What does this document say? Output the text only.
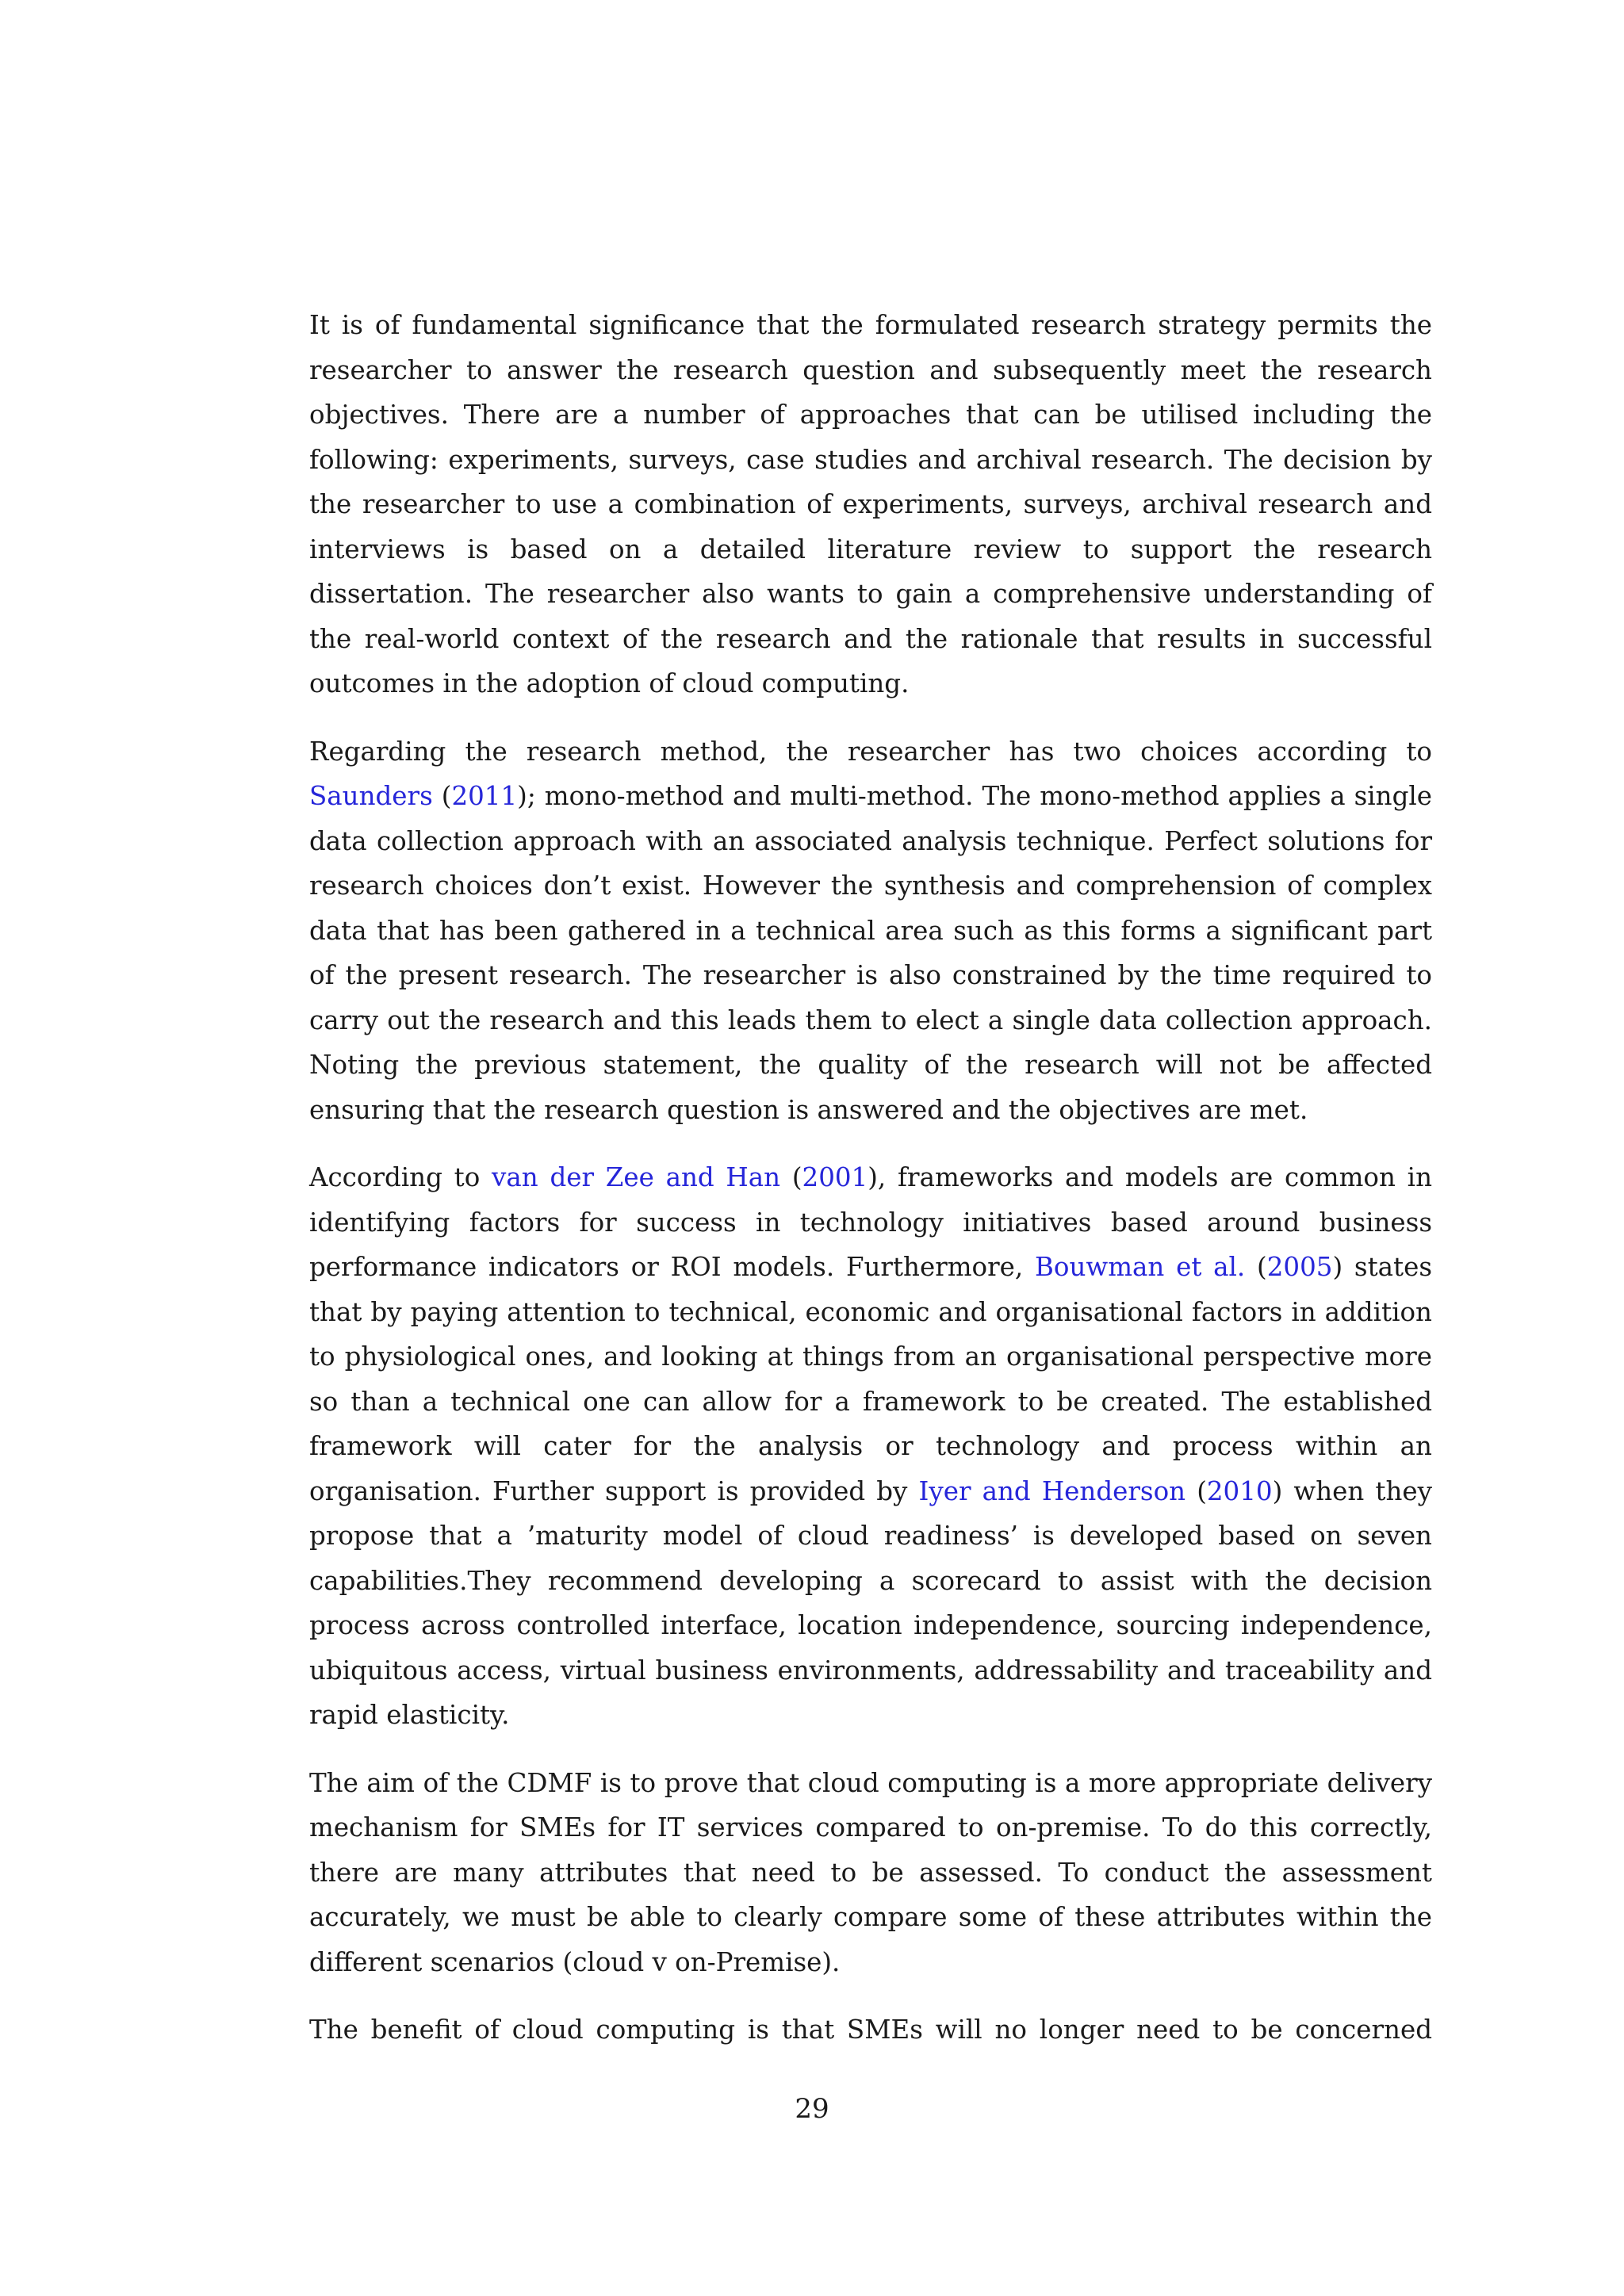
It is of fundamental significance that the formulated research strategy permits the researcher to answer the research question and subsequently meet the research objectives. There are a number of approaches that can be utilised including the following: experiments, surveys, case studies and archival research. The decision by the researcher to use a combination of experiments, surveys, archival research and interviews is based on a detailed literature review to support the research dissertation. The researcher also wants to gain a comprehensive understanding of the real-world context of the research and the rationale that results in successful outcomes in the adoption of cloud computing.

Regarding the research method, the researcher has two choices according to Saunders (2011); mono-method and multi-method. The mono-method applies a single data collection approach with an associated analysis technique. Perfect solutions for research choices don’t exist. However the synthesis and comprehension of complex data that has been gathered in a technical area such as this forms a significant part of the present research. The researcher is also constrained by the time required to carry out the research and this leads them to elect a single data collection approach. Noting the previous statement, the quality of the research will not be affected ensuring that the research question is answered and the objectives are met.

According to van der Zee and Han (2001), frameworks and models are common in identifying factors for success in technology initiatives based around business performance indicators or ROI models. Furthermore, Bouwman et al. (2005) states that by paying attention to technical, economic and organisational factors in addition to physiological ones, and looking at things from an organisational perspective more so than a technical one can allow for a framework to be created. The established framework will cater for the analysis or technology and process within an organisation. Further support is provided by Iyer and Henderson (2010) when they propose that a ’maturity model of cloud readiness’ is developed based on seven capabilities.They recommend developing a scorecard to assist with the decision process across controlled interface, location independence, sourcing independence, ubiquitous access, virtual business environments, addressability and traceability and rapid elasticity.

The aim of the CDMF is to prove that cloud computing is a more appropriate delivery mechanism for SMEs for IT services compared to on-premise. To do this correctly, there are many attributes that need to be assessed. To conduct the assessment accurately, we must be able to clearly compare some of these attributes within the different scenarios (cloud v on-Premise).

The benefit of cloud computing is that SMEs will no longer need to be concerned

29
